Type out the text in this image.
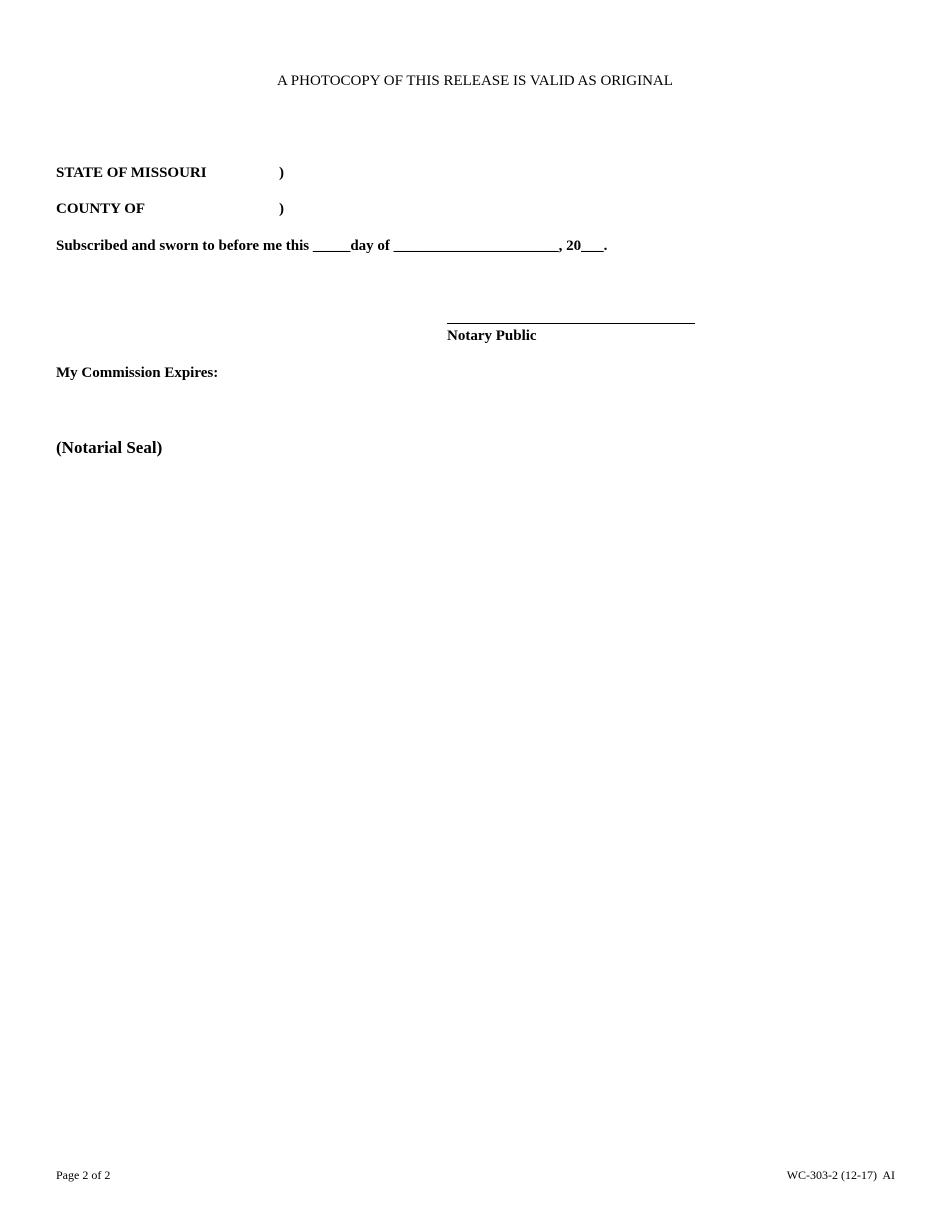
A PHOTOCOPY OF THIS RELEASE IS VALID AS ORIGINAL
STATE OF MISSOURI	)
COUNTY OF	)
Subscribed and sworn to before me this _____day of ______________________, 20___.
Notary Public
My Commission Expires:
(Notarial Seal)
Page 2 of 2	WC-303-2 (12-17)  AI
